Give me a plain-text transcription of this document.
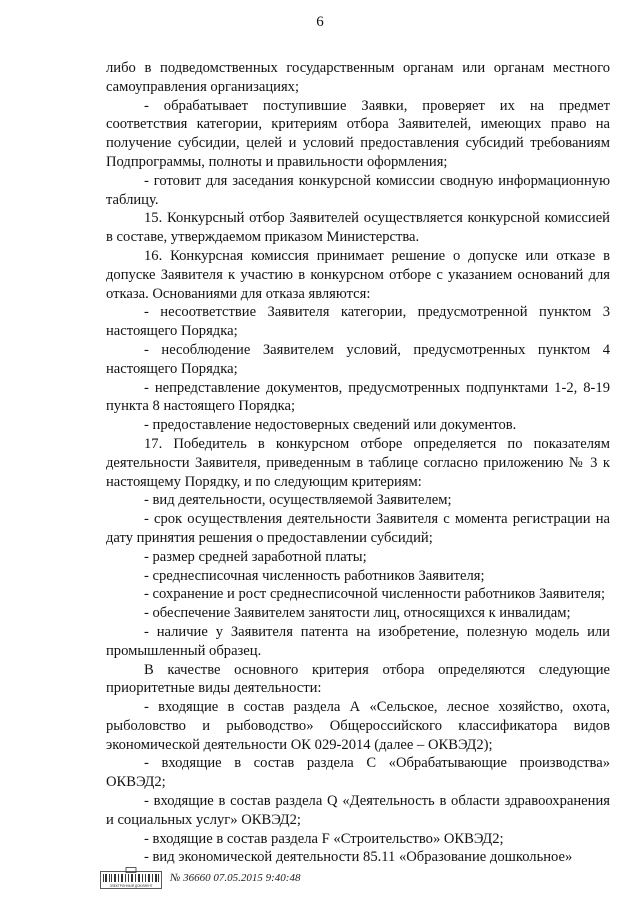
6

либо в подведомственных государственным органам или органам местного самоуправления организациях;

- обрабатывает поступившие Заявки, проверяет их на предмет соответствия категории, критериям отбора Заявителей, имеющих право на получение субсидии, целей и условий предоставления субсидий требованиям Подпрограммы, полноты и правильности оформления;

- готовит для заседания конкурсной комиссии сводную информационную таблицу.

15. Конкурсный отбор Заявителей осуществляется конкурсной комиссией в составе, утверждаемом приказом Министерства.

16. Конкурсная комиссия принимает решение о допуске или отказе в допуске Заявителя к участию в конкурсном отборе с указанием оснований для отказа. Основаниями для отказа являются:

- несоответствие Заявителя категории, предусмотренной пунктом 3 настоящего Порядка;

- несоблюдение Заявителем условий, предусмотренных пунктом 4 настоящего Порядка;

- непредставление документов, предусмотренных подпунктами 1-2, 8-19 пункта 8 настоящего Порядка;

- предоставление недостоверных сведений или документов.

17. Победитель в конкурсном отборе определяется по показателям деятельности Заявителя, приведенным в таблице согласно приложению № 3 к настоящему Порядку, и по следующим критериям:

- вид деятельности, осуществляемой Заявителем;

- срок осуществления деятельности Заявителя с момента регистрации на дату принятия решения о предоставлении субсидий;

- размер средней заработной платы;

- среднесписочная численность работников Заявителя;

- сохранение и рост среднесписочной численности работников Заявителя;

- обеспечение Заявителем занятости лиц, относящихся к инвалидам;

- наличие у Заявителя патента на изобретение, полезную модель или промышленный образец.

В качестве основного критерия отбора определяются следующие приоритетные виды деятельности:

- входящие в состав раздела А «Сельское, лесное хозяйство, охота, рыболовство и рыбоводство» Общероссийского классификатора видов экономической деятельности ОК 029-2014 (далее – ОКВЭД2);

- входящие в состав раздела С «Обрабатывающие производства» ОКВЭД2;

- входящие в состав раздела Q «Деятельность в области здравоохранения и социальных услуг» ОКВЭД2;

- входящие в состав раздела F «Строительство» ОКВЭД2;

- вид экономической деятельности 85.11 «Образование дошкольное»

ЭЛЕКТРОННЫЙ ДОКУМЕНТ
№ 36660 07.05.2015 9:40:48
